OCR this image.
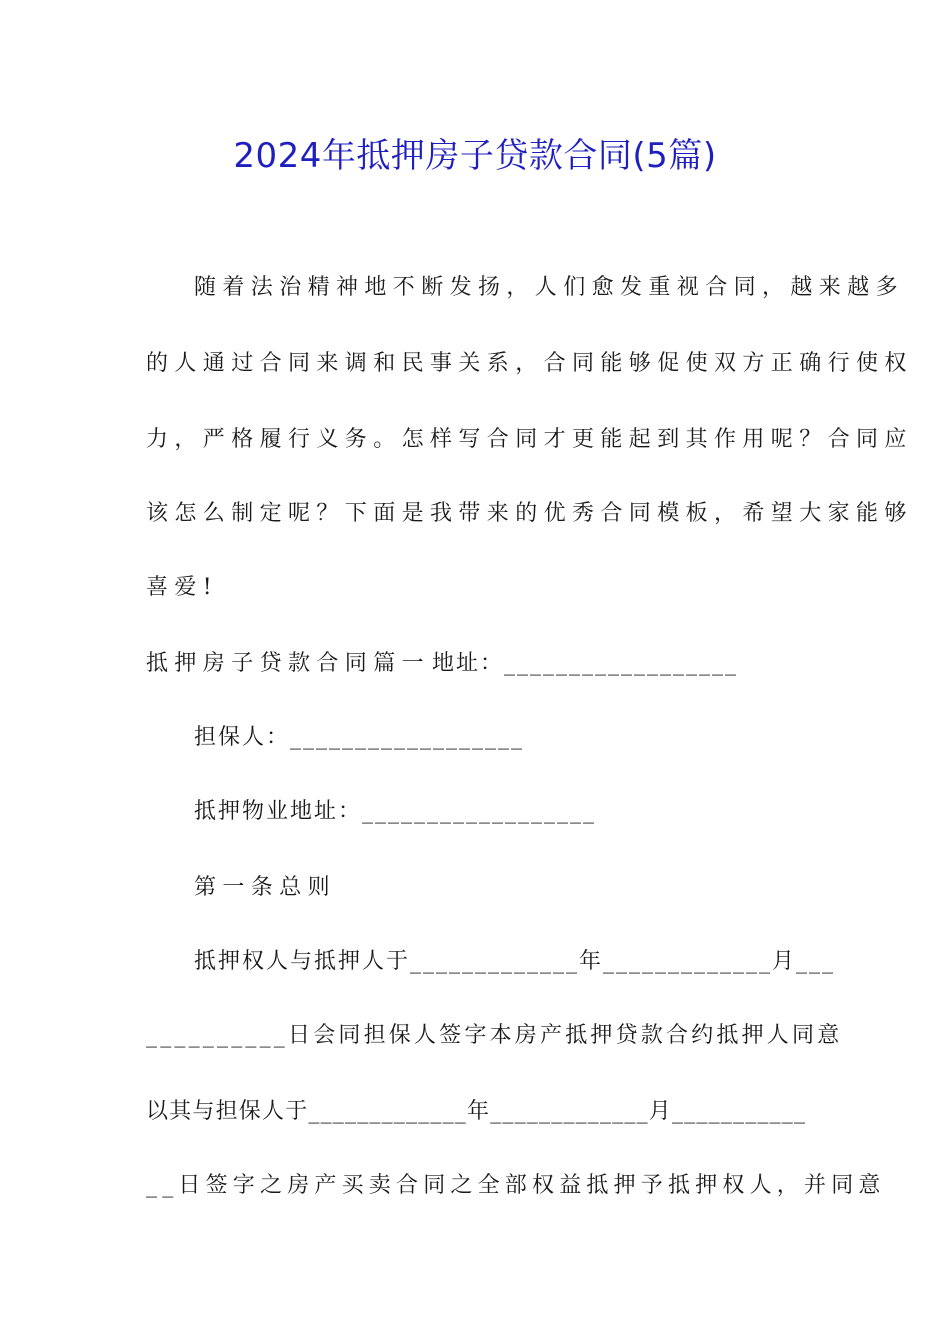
2024年抵押房子贷款合同(5篇)
随着法治精神地不断发扬，人们愈发重视合同，越来越多
的人通过合同来调和民事关系，合同能够促使双方正确行使权
力，严格履行义务。怎样写合同才更能起到其作用呢？合同应
该怎么制定呢？下面是我带来的优秀合同模板，希望大家能够
喜爱!
抵押房子贷款合同篇一 地址：__________________
担保人：__________________
抵押物业地址：__________________
第一条总则
抵押权人与抵押人于_____________年_____________月___
__________日会同担保人签字本房产抵押贷款合约抵押人同意
以其与担保人于_____________年_____________月___________
__日签字之房产买卖合同之全部权益抵押予抵押权人，并同意
